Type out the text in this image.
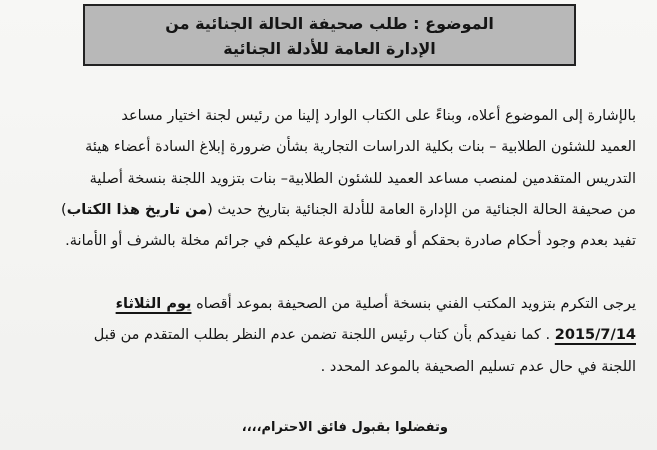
الموضوع : طلب صحيفة الحالة الجنائية من
الإدارة العامة للأدلة الجنائية
بالإشارة إلى الموضوع أعلاه، وبناءً على الكتاب الوارد إلينا من رئيس لجنة اختيار مساعد
العميد للشئون الطلابية – بنات بكلية الدراسات التجارية بشأن ضرورة إبلاغ السادة أعضاء هيئة
التدريس المتقدمين لمنصب مساعد العميد للشئون الطلابية– بنات بتزويد اللجنة بنسخة أصلية
من صحيفة الحالة الجنائية من الإدارة العامة للأدلة الجنائية بتاريخ حديث (من تاريخ هذا الكتاب)
تفيد بعدم وجود أحكام صادرة بحقكم أو قضايا مرفوعة عليكم في جرائم مخلة بالشرف أو الأمانة.
يرجى التكرم بتزويد المكتب الفني بنسخة أصلية من الصحيفة بموعد أقصاه يوم الثلاثاء
2015/7/14 . كما نفيدكم بأن كتاب رئيس اللجنة تضمن عدم النظر بطلب المتقدم من قبل
اللجنة في حال عدم تسليم الصحيفة بالموعد المحدد .
وتفضلوا بقبول فائق الاحترام،،،،
